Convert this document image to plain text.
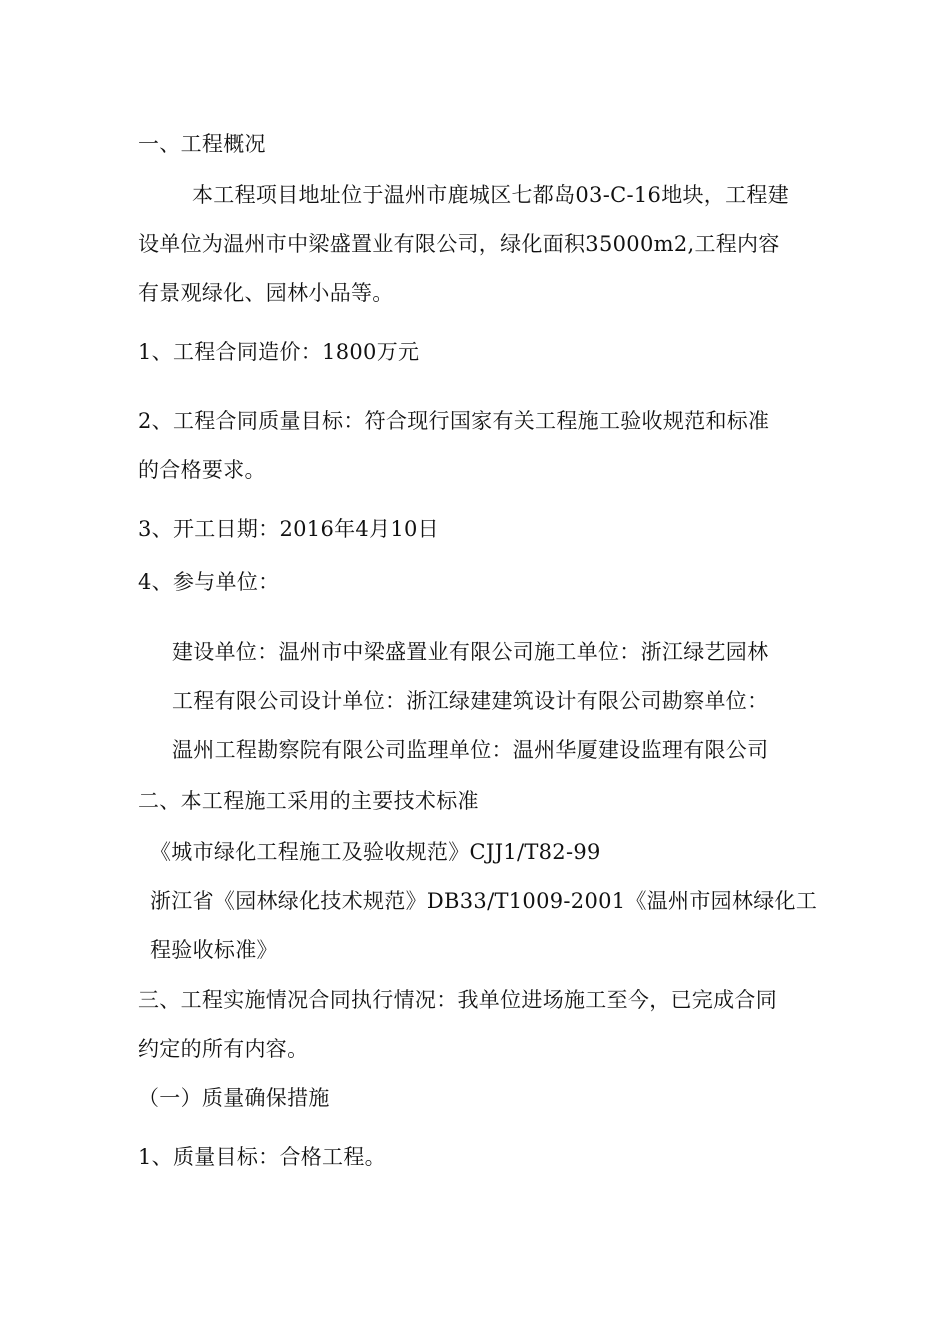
一、工程概况
本工程项目地址位于温州市鹿城区七都岛03-C-16地块，工程建
设单位为温州市中梁盛置业有限公司，绿化面积35000m2,工程内容
有景观绿化、园林小品等。
1、工程合同造价：1800万元
2、工程合同质量目标：符合现行国家有关工程施工验收规范和标准
的合格要求。
3、开工日期：2016年4月10日
4、参与单位：
建设单位：温州市中梁盛置业有限公司施工单位：浙江绿艺园林
工程有限公司设计单位：浙江绿建建筑设计有限公司勘察单位：
温州工程勘察院有限公司监理单位：温州华厦建设监理有限公司
二、本工程施工采用的主要技术标准
《城市绿化工程施工及验收规范》CJJ1/T82-99
浙江省《园林绿化技术规范》DB33/T1009-2001《温州市园林绿化工
程验收标准》
三、工程实施情况合同执行情况：我单位进场施工至今，已完成合同
约定的所有内容。
（一）质量确保措施
1、质量目标：合格工程。
